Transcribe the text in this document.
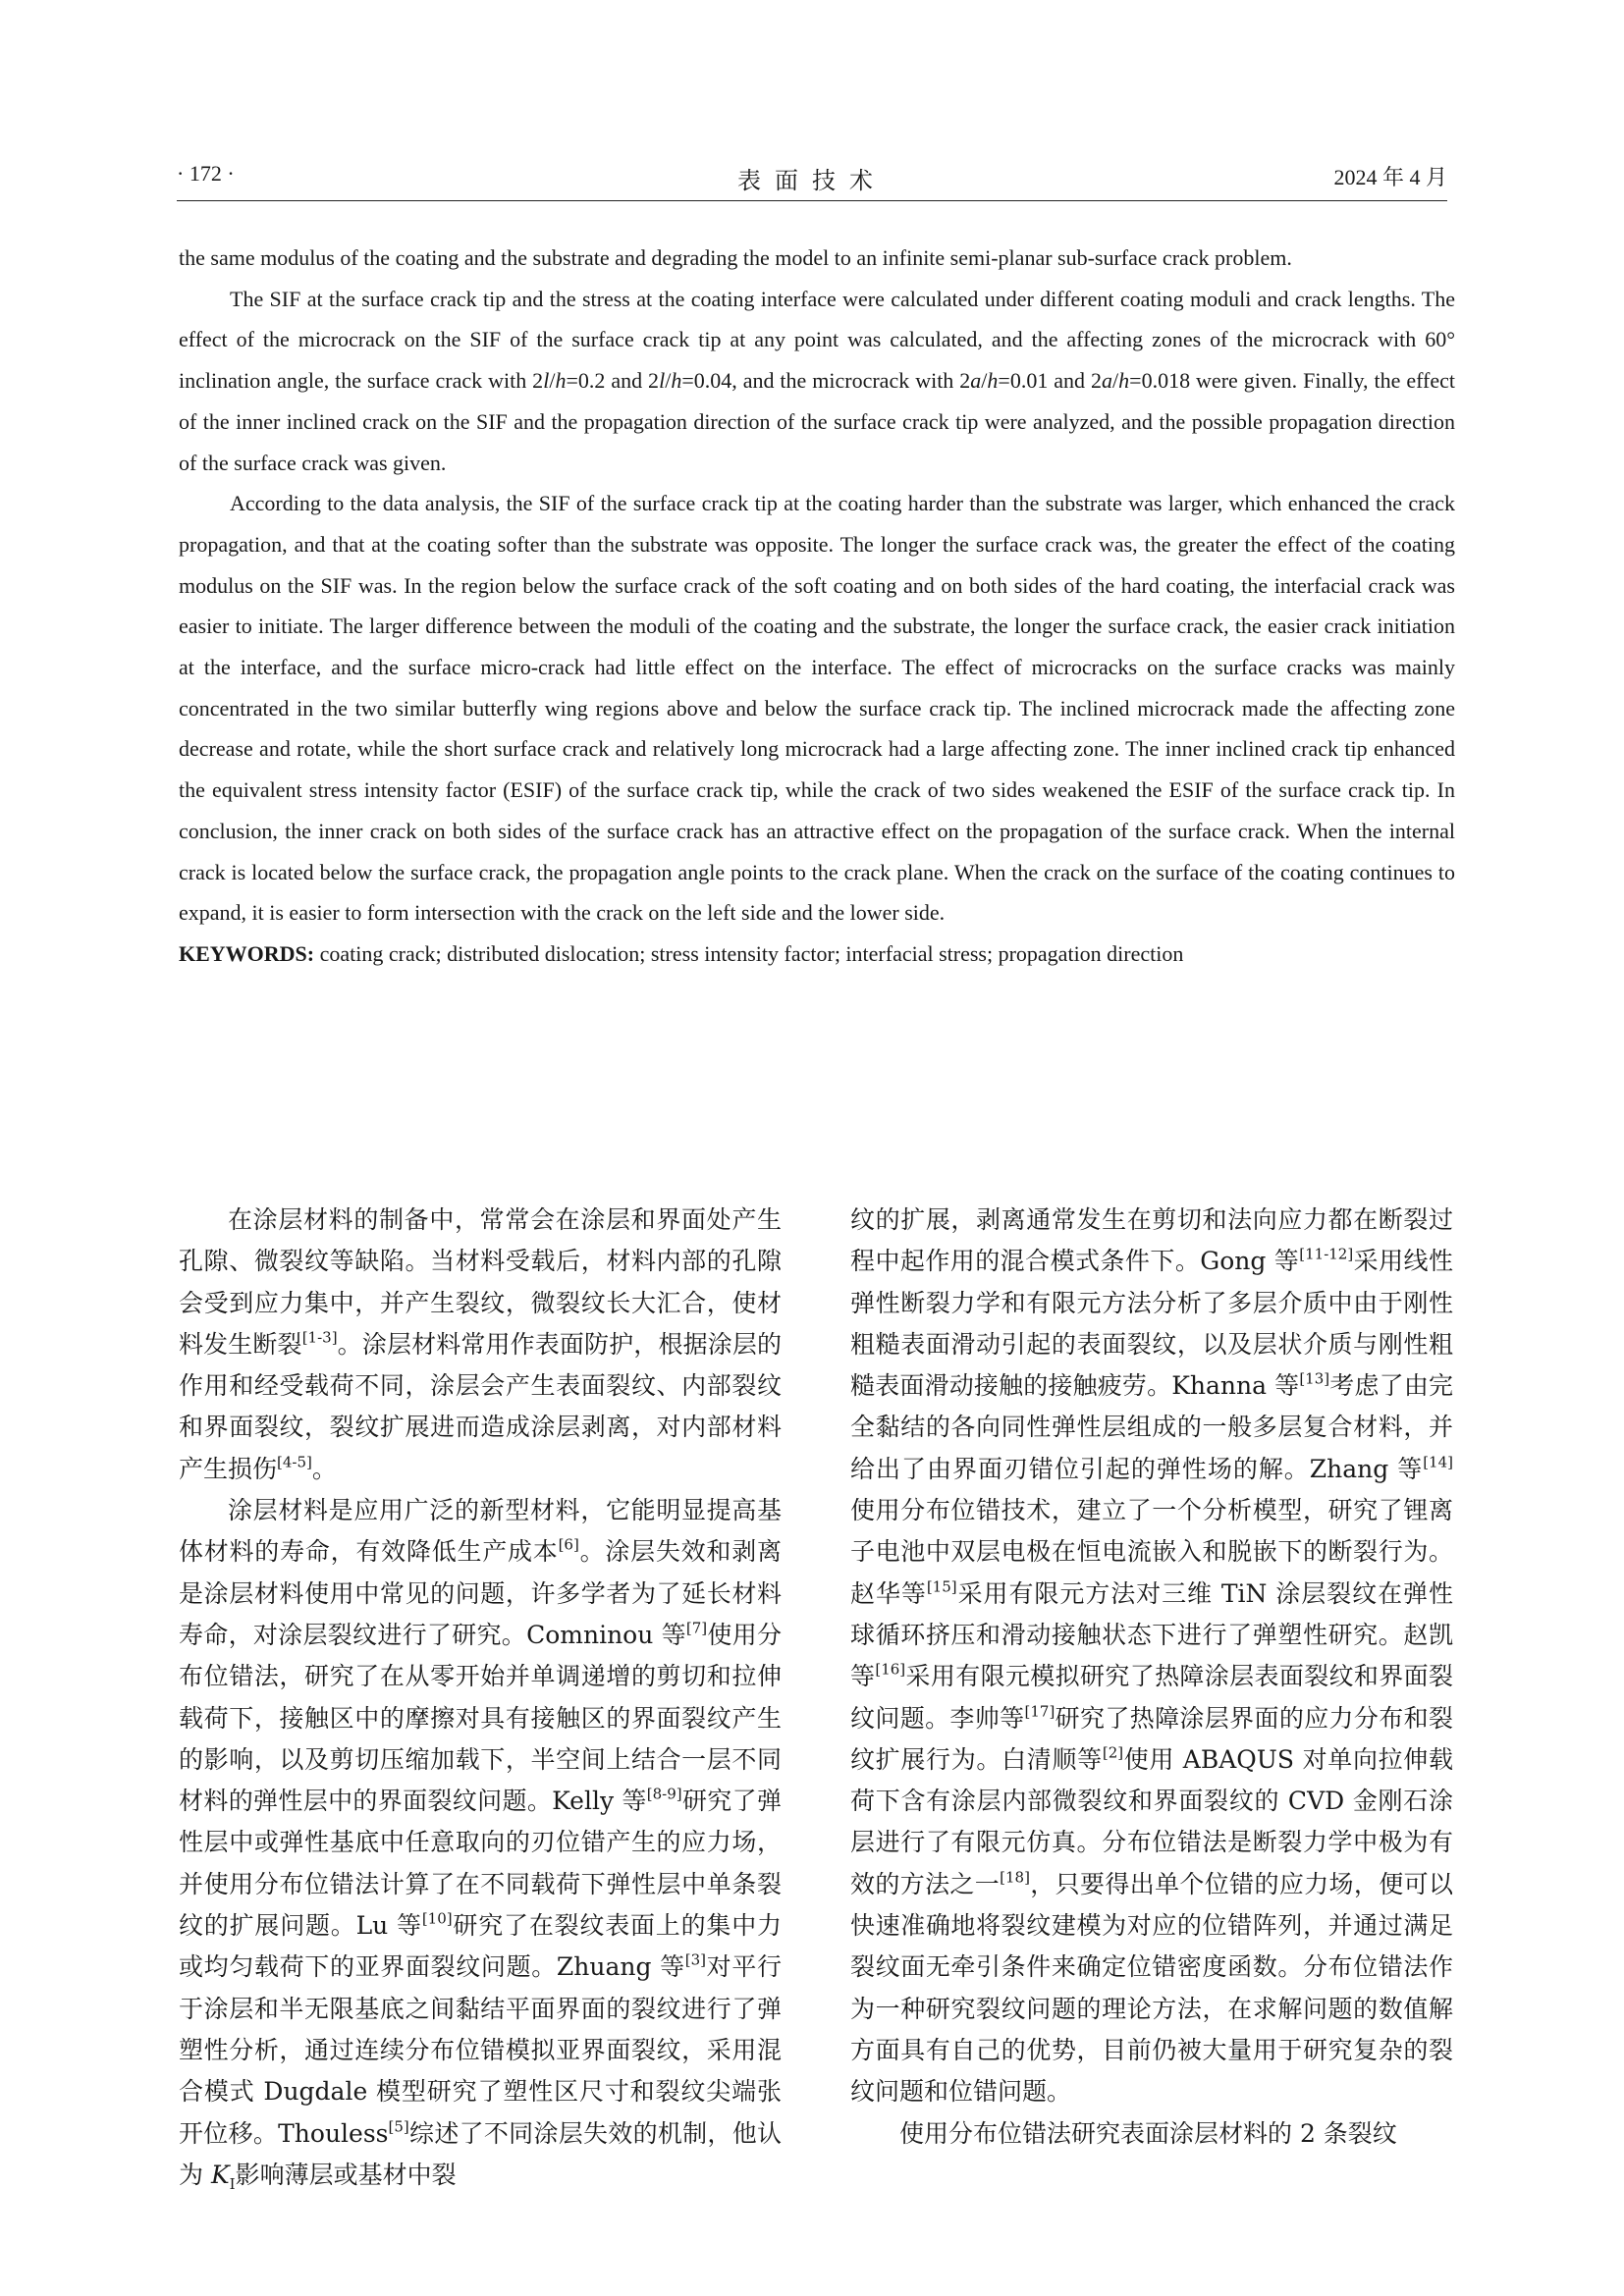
· 172 ·	表面技术	2024 年 4 月

the same modulus of the coating and the substrate and degrading the model to an infinite semi-planar sub-surface crack problem.

The SIF at the surface crack tip and the stress at the coating interface were calculated under different coating moduli and crack lengths. The effect of the microcrack on the SIF of the surface crack tip at any point was calculated, and the affecting zones of the microcrack with 60° inclination angle, the surface crack with 2l/h=0.2 and 2l/h=0.04, and the microcrack with 2a/h=0.01 and 2a/h=0.018 were given. Finally, the effect of the inner inclined crack on the SIF and the propagation direction of the surface crack tip were analyzed, and the possible propagation direction of the surface crack was given.

According to the data analysis, the SIF of the surface crack tip at the coating harder than the substrate was larger, which enhanced the crack propagation, and that at the coating softer than the substrate was opposite. The longer the surface crack was, the greater the effect of the coating modulus on the SIF was. In the region below the surface crack of the soft coating and on both sides of the hard coating, the interfacial crack was easier to initiate. The larger difference between the moduli of the coating and the substrate, the longer the surface crack, the easier crack initiation at the interface, and the surface micro-crack had little effect on the interface. The effect of microcracks on the surface cracks was mainly concentrated in the two similar butterfly wing regions above and below the surface crack tip. The inclined microcrack made the affecting zone decrease and rotate, while the short surface crack and relatively long microcrack had a large affecting zone. The inner inclined crack tip enhanced the equivalent stress intensity factor (ESIF) of the surface crack tip, while the crack of two sides weakened the ESIF of the surface crack tip. In conclusion, the inner crack on both sides of the surface crack has an attractive effect on the propagation of the surface crack. When the internal crack is located below the surface crack, the propagation angle points to the crack plane. When the crack on the surface of the coating continues to expand, it is easier to form intersection with the crack on the left side and the lower side.

KEYWORDS: coating crack; distributed dislocation; stress intensity factor; interfacial stress; propagation direction

在涂层材料的制备中，常常会在涂层和界面处产生孔隙、微裂纹等缺陷。当材料受载后，材料内部的孔隙会受到应力集中，并产生裂纹，微裂纹长大汇合，使材料发生断裂[1-3]。涂层材料常用作表面防护，根据涂层的作用和经受载荷不同，涂层会产生表面裂纹、内部裂纹和界面裂纹，裂纹扩展进而造成涂层剥离，对内部材料产生损伤[4-5]。

涂层材料是应用广泛的新型材料，它能明显提高基体材料的寿命，有效降低生产成本[6]。涂层失效和剥离是涂层材料使用中常见的问题，许多学者为了延长材料寿命，对涂层裂纹进行了研究。Comninou 等[7]使用分布位错法，研究了在从零开始并单调递增的剪切和拉伸载荷下，接触区中的摩擦对具有接触区的界面裂纹产生的影响，以及剪切压缩加载下，半空间上结合一层不同材料的弹性层中的界面裂纹问题。Kelly 等[8-9]研究了弹性层中或弹性基底中任意取向的刃位错产生的应力场，并使用分布位错法计算了在不同载荷下弹性层中单条裂纹的扩展问题。Lu 等[10]研究了在裂纹表面上的集中力或均匀载荷下的亚界面裂纹问题。Zhuang 等[3]对平行于涂层和半无限基底之间黏结平面界面的裂纹进行了弹塑性分析，通过连续分布位错模拟亚界面裂纹，采用混合模式 Dugdale 模型研究了塑性区尺寸和裂纹尖端张开位移。Thouless[5]综述了不同涂层失效的机制，他认为 $K_I$影响薄层或基材中裂

纹的扩展，剥离通常发生在剪切和法向应力都在断裂过程中起作用的混合模式条件下。Gong 等[11-12]采用线性弹性断裂力学和有限元方法分析了多层介质中由于刚性粗糙表面滑动引起的表面裂纹，以及层状介质与刚性粗糙表面滑动接触的接触疲劳。Khanna 等[13]考虑了由完全黏结的各向同性弹性层组成的一般多层复合材料，并给出了由界面刃错位引起的弹性场的解。Zhang 等[14]使用分布位错技术，建立了一个分析模型，研究了锂离子电池中双层电极在恒电流嵌入和脱嵌下的断裂行为。赵华等[15]采用有限元方法对三维 TiN 涂层裂纹在弹性球循环挤压和滑动接触状态下进行了弹塑性研究。赵凯等[16]采用有限元模拟研究了热障涂层表面裂纹和界面裂纹问题。李帅等[17]研究了热障涂层界面的应力分布和裂纹扩展行为。白清顺等[2]使用 ABAQUS 对单向拉伸载荷下含有涂层内部微裂纹和界面裂纹的 CVD 金刚石涂层进行了有限元仿真。分布位错法是断裂力学中极为有效的方法之一[18]，只要得出单个位错的应力场，便可以快速准确地将裂纹建模为对应的位错阵列，并通过满足裂纹面无牵引条件来确定位错密度函数。分布位错法作为一种研究裂纹问题的理论方法，在求解问题的数值解方面具有自己的优势，目前仍被大量用于研究复杂的裂纹问题和位错问题。

使用分布位错法研究表面涂层材料的 2 条裂纹
